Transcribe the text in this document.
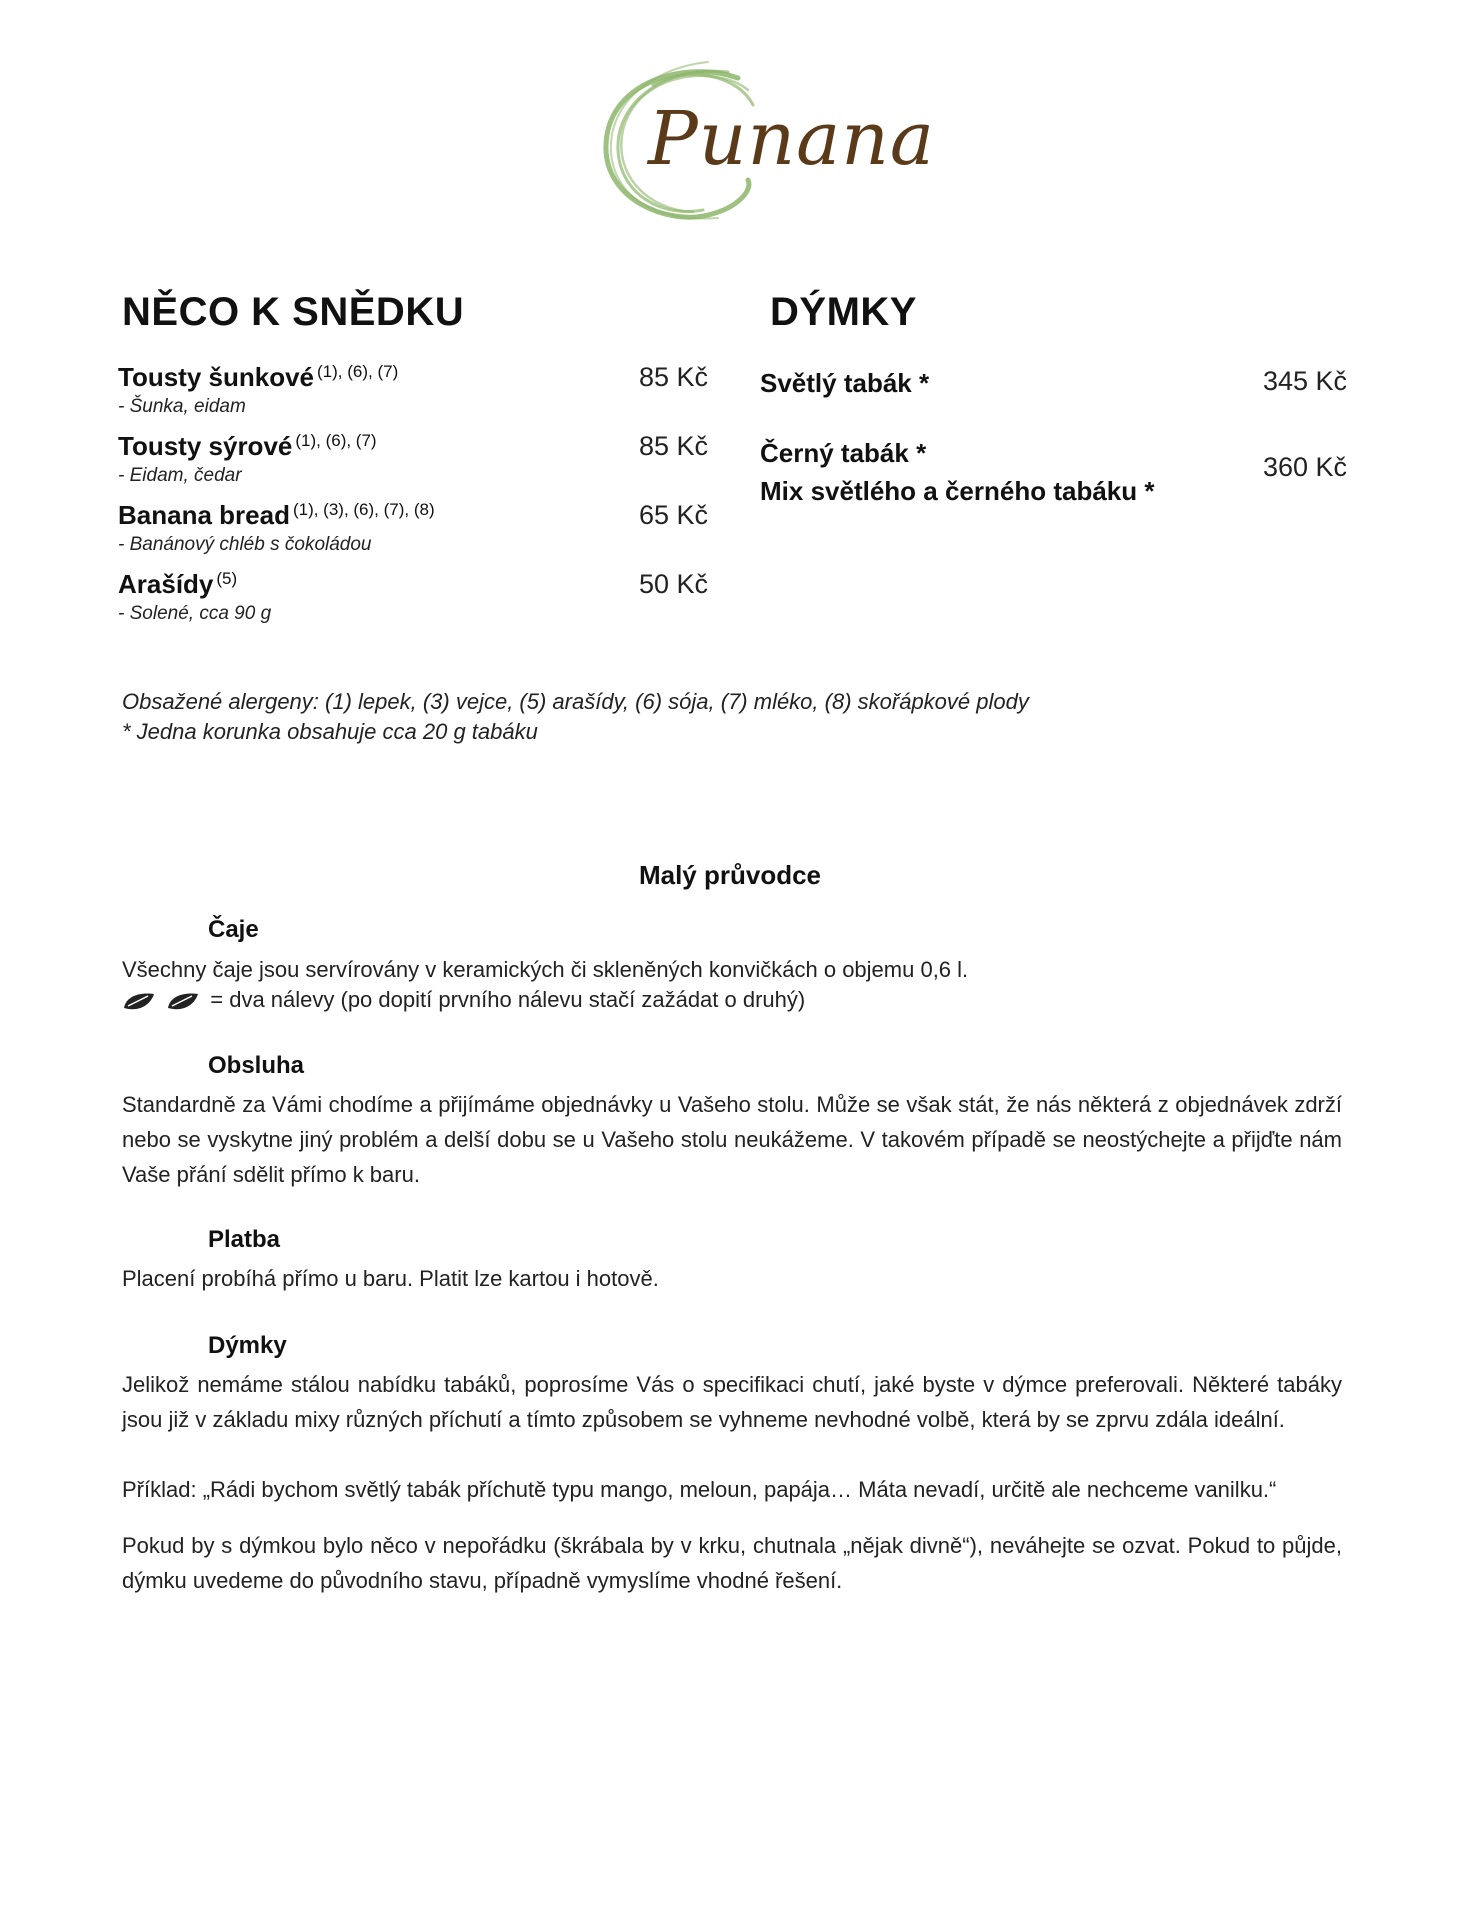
Punana
NĚCO K SNĚDKU
Tousty šunkové $^{(1), (6), (7)}$
- Šunka, eidam
85 Kč
Tousty sýrové $^{(1), (6), (7)}$
- Eidam, čedar
85 Kč
Banana bread $^{(1), (3), (6), (7), (8)}$
- Banánový chléb s čokoládou
65 Kč
Arašídy $^{(5)}$
- Solené, cca 90 g
50 Kč
DÝMKY
Světlý tabák *	345 Kč
Černý tabák *
Mix světlého a černého tabáku *
360 Kč
Obsažené alergeny: (1) lepek, (3) vejce, (5) arašídy, (6) sója, (7) mléko, (8) skořápkové plody
* Jedna korunka obsahuje cca 20 g tabáku
Malý průvodce
Čaje
Všechny čaje jsou servírovány v keramických či skleněných konvičkách o objemu 0,6 l.
= dva nálevy (po dopití prvního nálevu stačí zažádat o druhý)
Obsluha
Standardně za Vámi chodíme a přijímáme objednávky u Vašeho stolu. Může se však stát, že nás některá z objednávek zdrží nebo se vyskytne jiný problém a delší dobu se u Vašeho stolu neukážeme. V takovém případě se neostýchejte a přijďte nám Vaše přání sdělit přímo k baru.
Platba
Placení probíhá přímo u baru. Platit lze kartou i hotově.
Dýmky
Jelikož nemáme stálou nabídku tabáků, poprosíme Vás o specifikaci chutí, jaké byste v dýmce preferovali. Některé tabáky jsou již v základu mixy různých příchutí a tímto způsobem se vyhneme nevhodné volbě, která by se zprvu zdála ideální.
Příklad: „Rádi bychom světlý tabák příchutě typu mango, meloun, papája… Máta nevadí, určitě ale nechceme vanilku.“
Pokud by s dýmkou bylo něco v nepořádku (škrábala by v krku, chutnala „nějak divně“), neváhejte se ozvat. Pokud to půjde, dýmku uvedeme do původního stavu, případně vymyslíme vhodné řešení.
